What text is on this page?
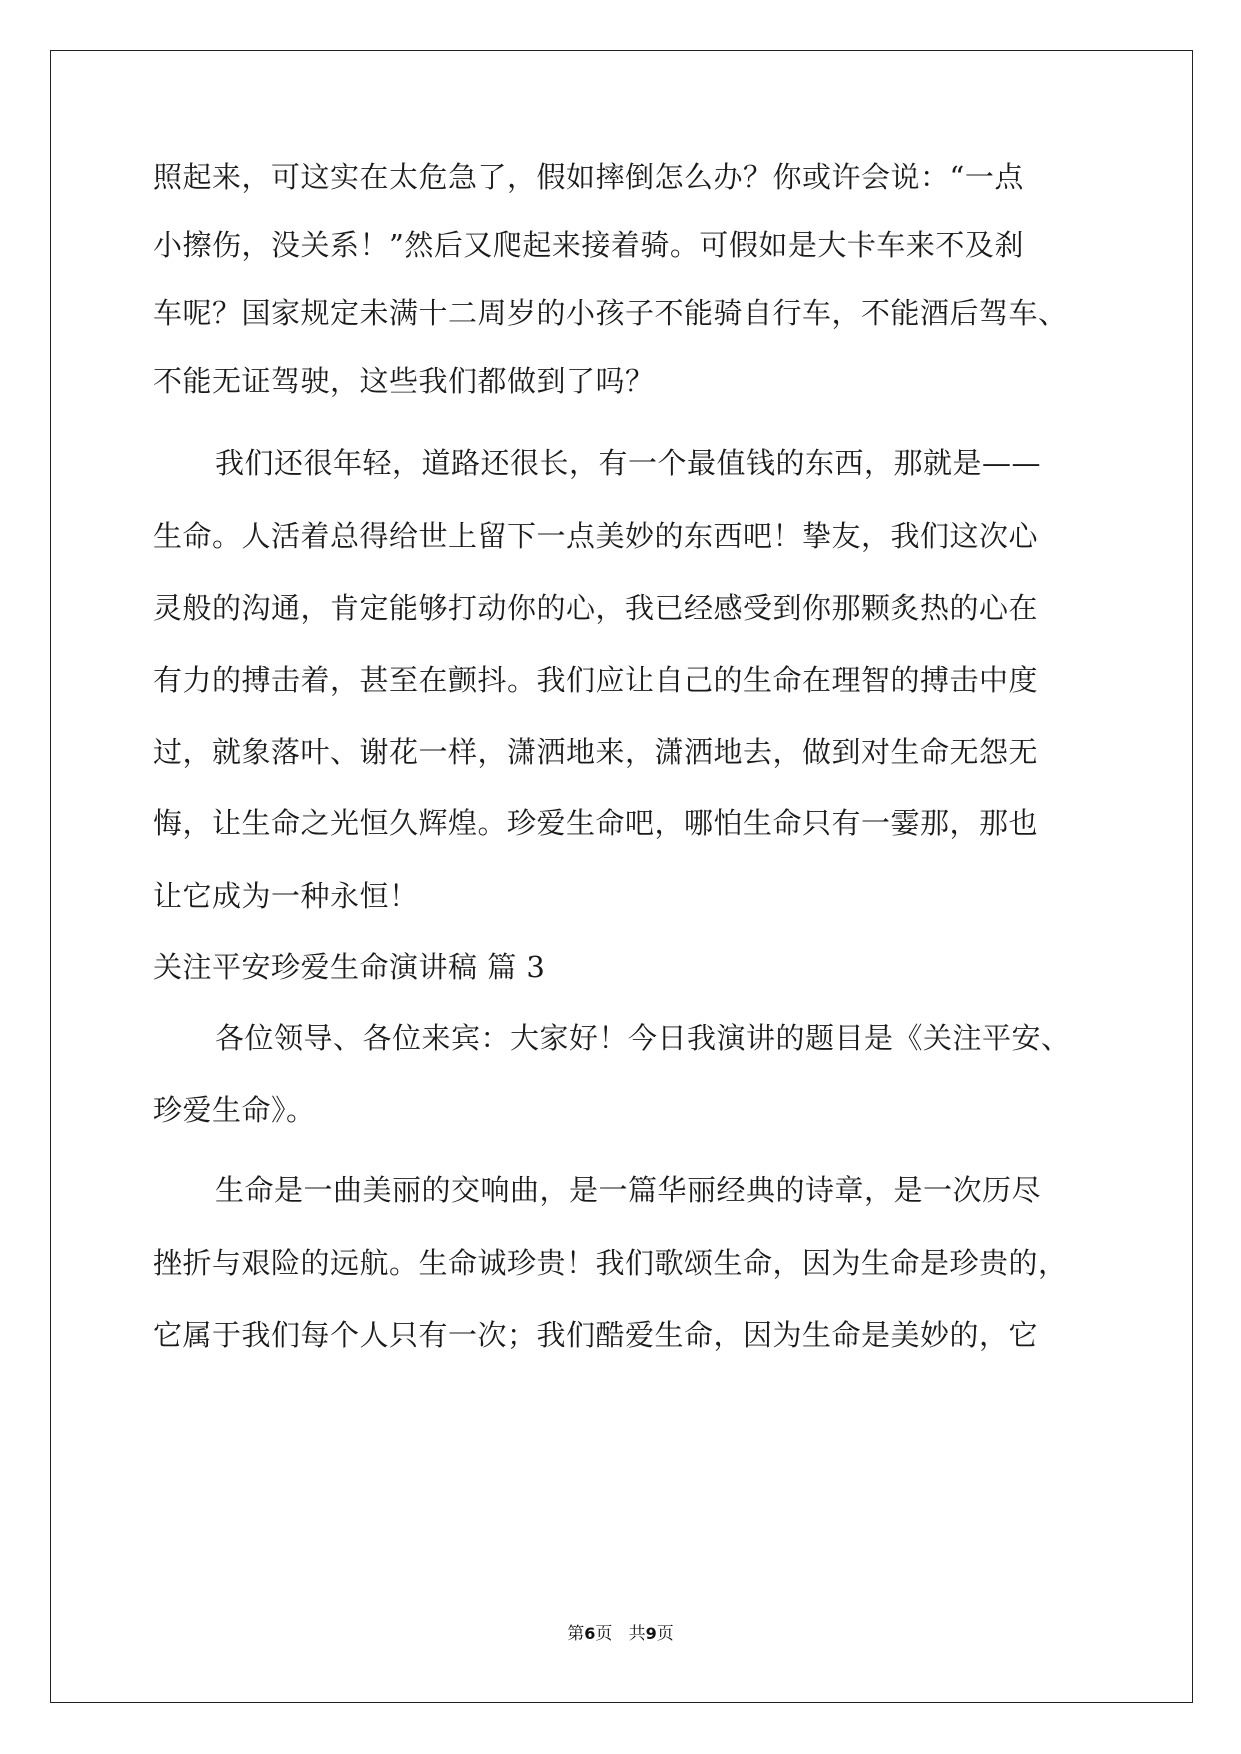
照起来，可这实在太危急了，假如摔倒怎么办？你或许会说：“一点
小擦伤，没关系！”然后又爬起来接着骑。可假如是大卡车来不及刹
车呢？国家规定未满十二周岁的小孩子不能骑自行车，不能酒后驾车、
不能无证驾驶，这些我们都做到了吗？
我们还很年轻，道路还很长，有一个最值钱的东西，那就是——
生命。人活着总得给世上留下一点美妙的东西吧！挚友，我们这次心
灵般的沟通，肯定能够打动你的心，我已经感受到你那颗炙热的心在
有力的搏击着，甚至在颤抖。我们应让自己的生命在理智的搏击中度
过，就象落叶、谢花一样，潇洒地来，潇洒地去，做到对生命无怨无
悔，让生命之光恒久辉煌。珍爱生命吧，哪怕生命只有一霎那，那也
让它成为一种永恒！
关注平安珍爱生命演讲稿 篇 3
各位领导、各位来宾：大家好！今日我演讲的题目是《关注平安、
珍爱生命》。
生命是一曲美丽的交响曲，是一篇华丽经典的诗章，是一次历尽
挫折与艰险的远航。生命诚珍贵！我们歌颂生命，因为生命是珍贵的，
它属于我们每个人只有一次；我们酷爱生命，因为生命是美妙的，它
第6页   共9页
